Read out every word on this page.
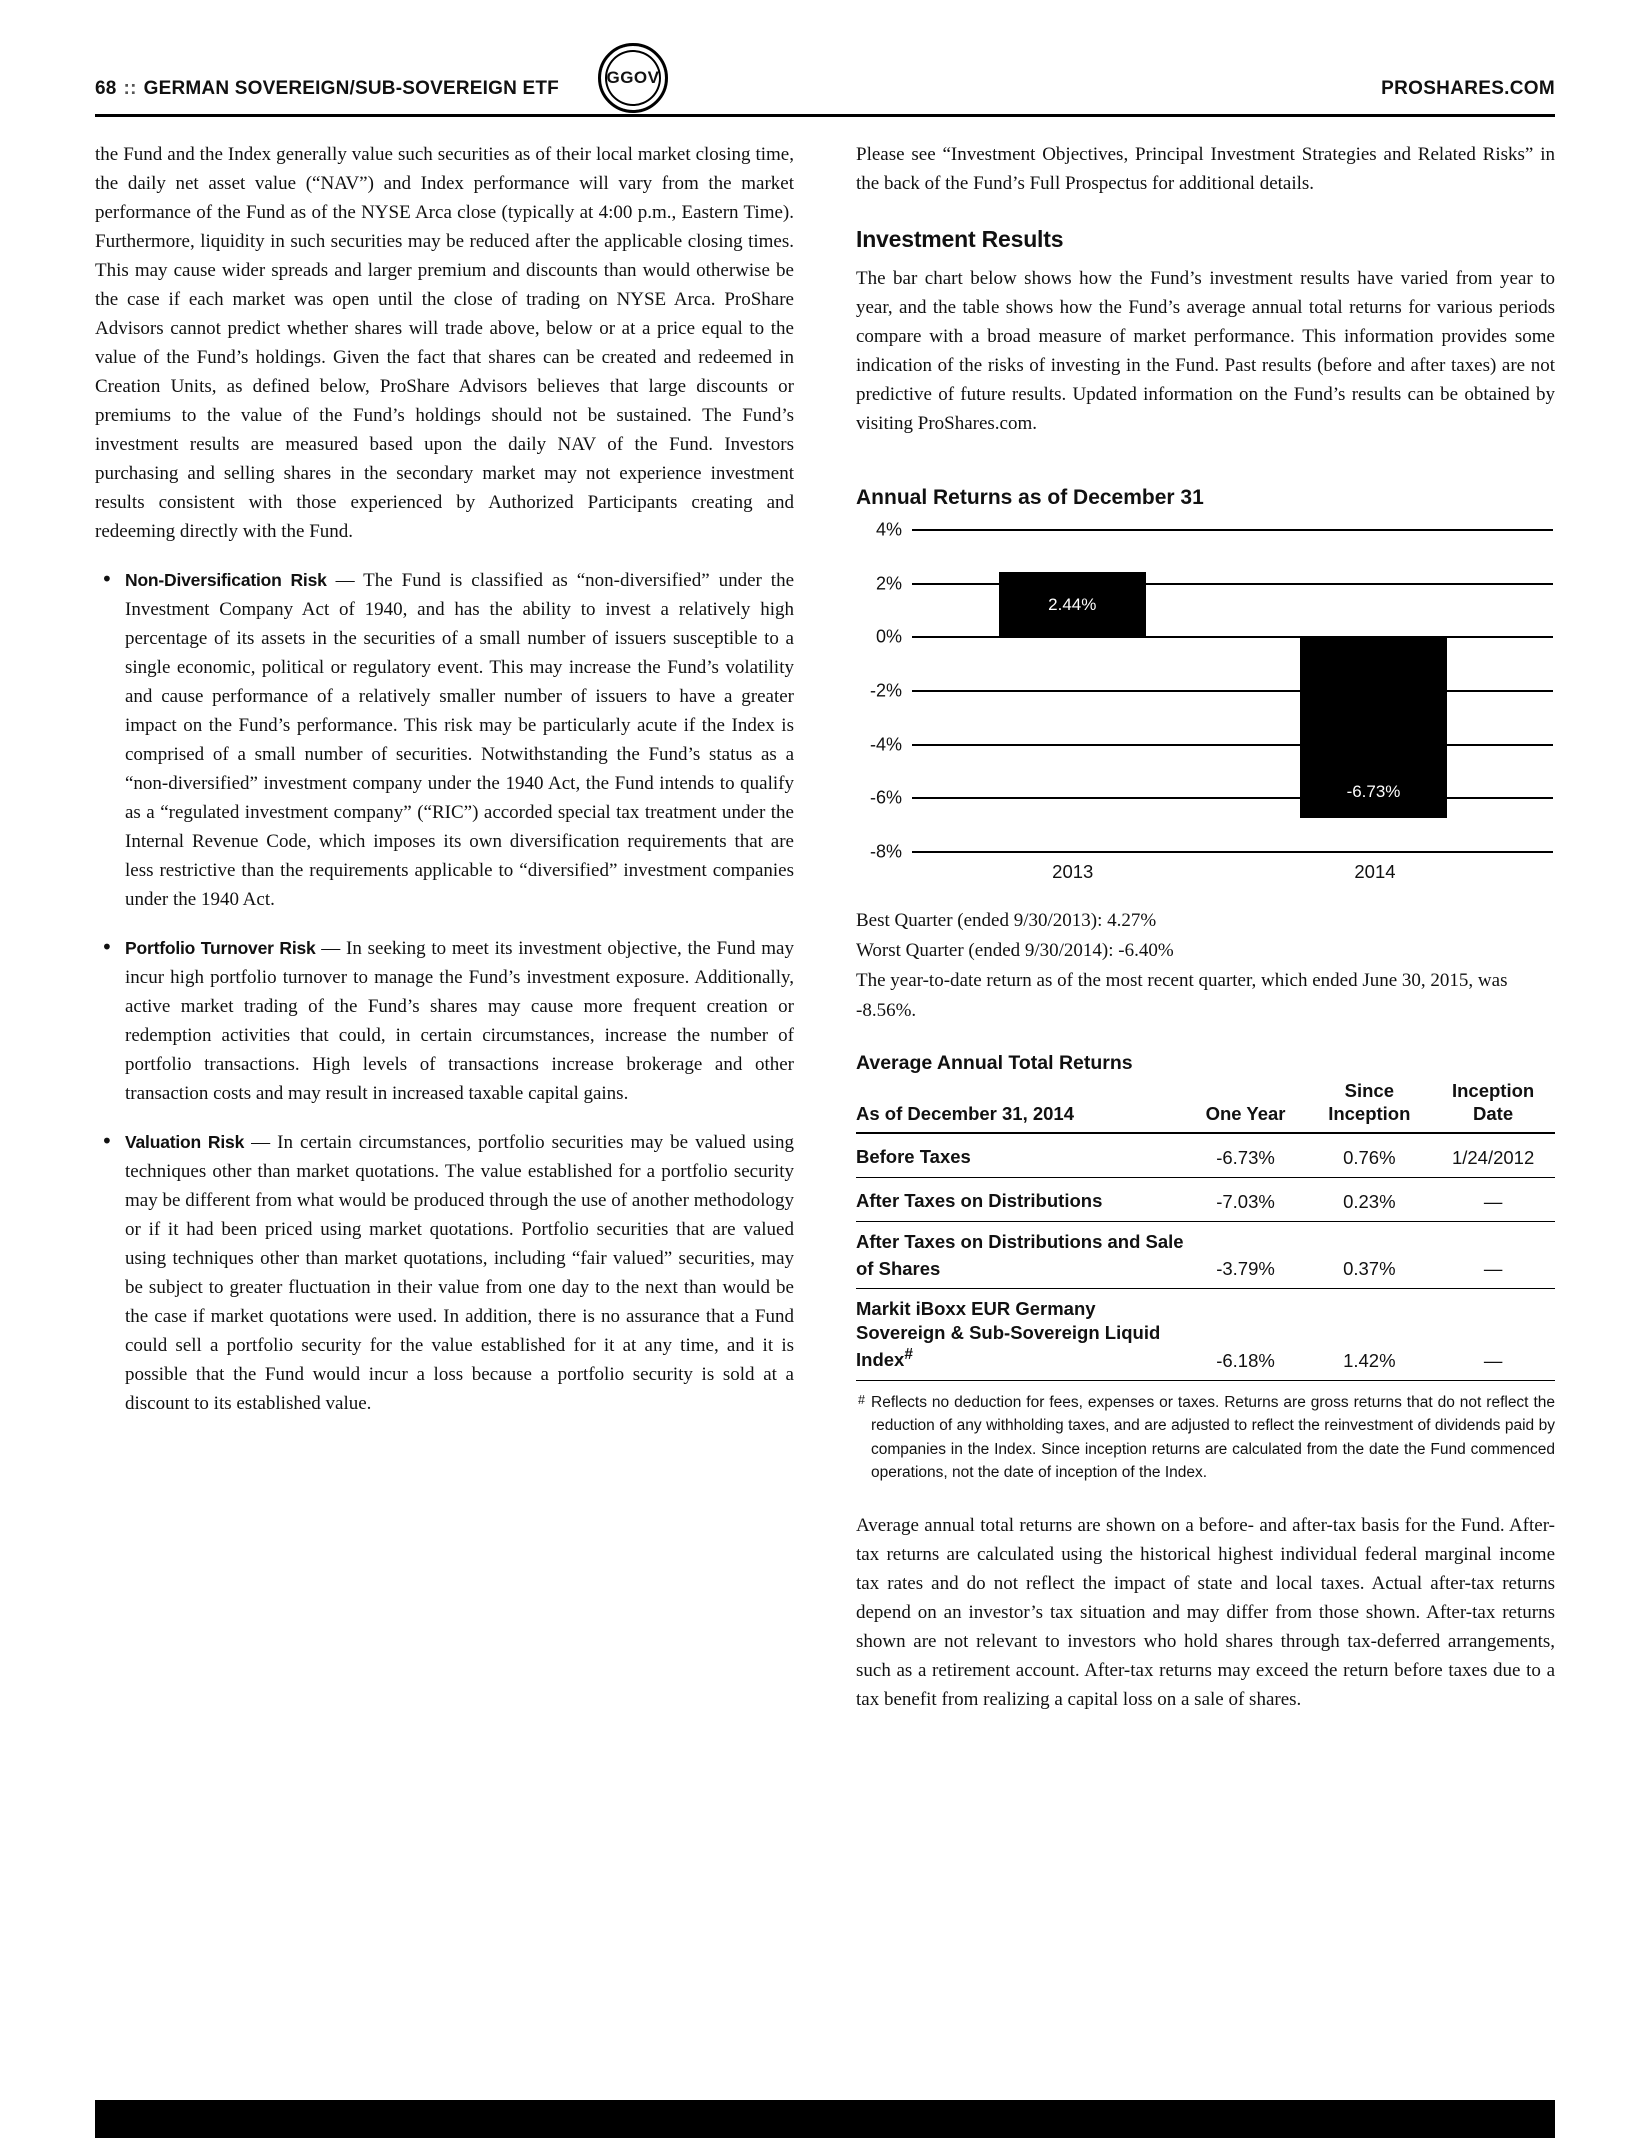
68 :: GERMAN SOVEREIGN/SUB-SOVEREIGN ETF
GGOV
PROSHARES.COM

the Fund and the Index generally value such securities as of their local market closing time, the daily net asset value (“NAV”) and Index performance will vary from the market performance of the Fund as of the NYSE Arca close (typically at 4:00 p.m., Eastern Time). Furthermore, liquidity in such securities may be reduced after the applicable closing times. This may cause wider spreads and larger premium and discounts than would otherwise be the case if each market was open until the close of trading on NYSE Arca. ProShare Advisors cannot predict whether shares will trade above, below or at a price equal to the value of the Fund’s holdings. Given the fact that shares can be created and redeemed in Creation Units, as defined below, ProShare Advisors believes that large discounts or premiums to the value of the Fund’s holdings should not be sustained. The Fund’s investment results are measured based upon the daily NAV of the Fund. Investors purchasing and selling shares in the secondary market may not experience investment results consistent with those experienced by Authorized Participants creating and redeeming directly with the Fund.

• Non-Diversification Risk — The Fund is classified as “non-diversified” under the Investment Company Act of 1940, and has the ability to invest a relatively high percentage of its assets in the securities of a small number of issuers susceptible to a single economic, political or regulatory event. This may increase the Fund’s volatility and cause performance of a relatively smaller number of issuers to have a greater impact on the Fund’s performance. This risk may be particularly acute if the Index is comprised of a small number of securities. Notwithstanding the Fund’s status as a “non-diversified” investment company under the 1940 Act, the Fund intends to qualify as a “regulated investment company” (“RIC”) accorded special tax treatment under the Internal Revenue Code, which imposes its own diversification requirements that are less restrictive than the requirements applicable to “diversified” investment companies under the 1940 Act.
• Portfolio Turnover Risk — In seeking to meet its investment objective, the Fund may incur high portfolio turnover to manage the Fund’s investment exposure. Additionally, active market trading of the Fund’s shares may cause more frequent creation or redemption activities that could, in certain circumstances, increase the number of portfolio transactions. High levels of transactions increase brokerage and other transaction costs and may result in increased taxable capital gains.
• Valuation Risk — In certain circumstances, portfolio securities may be valued using techniques other than market quotations. The value established for a portfolio security may be different from what would be produced through the use of another methodology or if it had been priced using market quotations. Portfolio securities that are valued using techniques other than market quotations, including “fair valued” securities, may be subject to greater fluctuation in their value from one day to the next than would be the case if market quotations were used. In addition, there is no assurance that a Fund could sell a portfolio security for the value established for it at any time, and it is possible that the Fund would incur a loss because a portfolio security is sold at a discount to its established value.

Please see “Investment Objectives, Principal Investment Strategies and Related Risks” in the back of the Fund’s Full Prospectus for additional details.

Investment Results

The bar chart below shows how the Fund’s investment results have varied from year to year, and the table shows how the Fund’s average annual total returns for various periods compare with a broad measure of market performance. This information provides some indication of the risks of investing in the Fund. Past results (before and after taxes) are not predictive of future results. Updated information on the Fund’s results can be obtained by visiting ProShares.com.

Annual Returns as of December 31
2.44%
-6.73%
4%
2%
0%
-2%
-4%
-6%
-8%
2013	2014
Best Quarter (ended 9/30/2013): 4.27%
Worst Quarter (ended 9/30/2014): -6.40%
The year-to-date return as of the most recent quarter, which ended June 30, 2015, was -8.56%.
Average Annual Total Returns
As of December 31, 2014	One Year	Since Inception	Inception Date
Before Taxes	-6.73%	0.76%	1/24/2012
After Taxes on Distributions	-7.03%	0.23%	—
After Taxes on Distributions and Sale of Shares	-3.79%	0.37%	—
Markit iBoxx EUR Germany Sovereign & Sub-Sovereign Liquid Index#	-6.18%	1.42%	—
# Reflects no deduction for fees, expenses or taxes. Returns are gross returns that do not reflect the reduction of any withholding taxes, and are adjusted to reflect the reinvestment of dividends paid by companies in the Index. Since inception returns are calculated from the date the Fund commenced operations, not the date of inception of the Index.

Average annual total returns are shown on a before- and after-tax basis for the Fund. After-tax returns are calculated using the historical highest individual federal marginal income tax rates and do not reflect the impact of state and local taxes. Actual after-tax returns depend on an investor’s tax situation and may differ from those shown. After-tax returns shown are not relevant to investors who hold shares through tax-deferred arrangements, such as a retirement account. After-tax returns may exceed the return before taxes due to a tax benefit from realizing a capital loss on a sale of shares.
